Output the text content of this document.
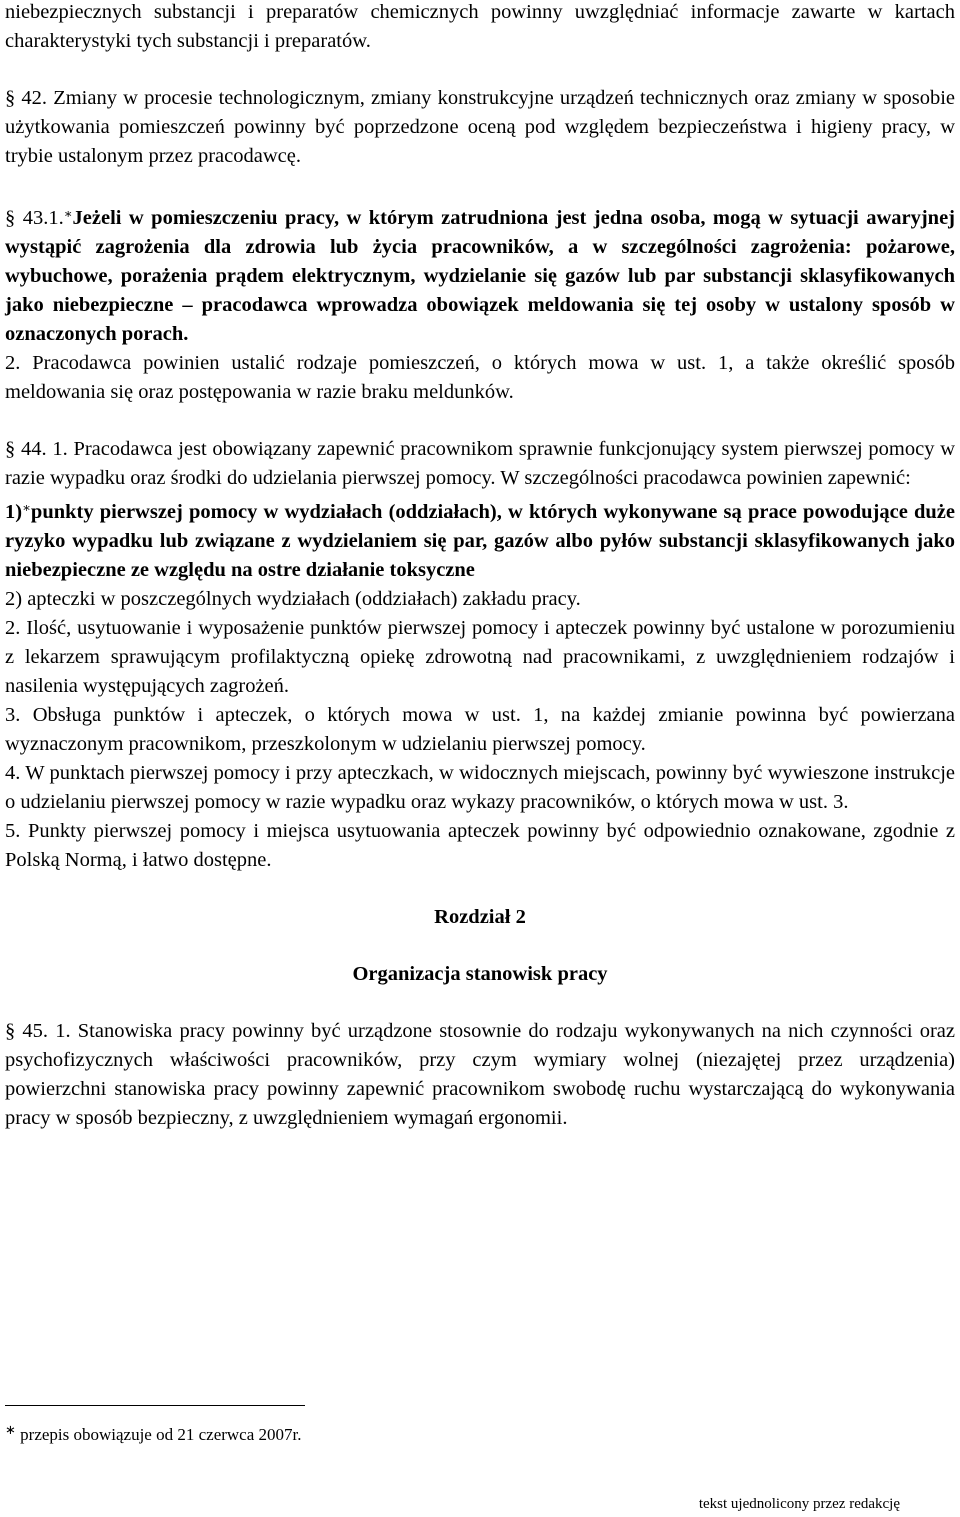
niebezpiecznych substancji i preparatów chemicznych powinny uwzględniać informacje zawarte w kartach charakterystyki tych substancji i preparatów.

§ 42. Zmiany w procesie technologicznym, zmiany konstrukcyjne urządzeń technicznych oraz zmiany w sposobie użytkowania pomieszczeń powinny być poprzedzone oceną pod względem bezpieczeństwa i higieny pracy, w trybie ustalonym przez pracodawcę.

§ 43.1.∗Jeżeli w pomieszczeniu pracy, w którym zatrudniona jest jedna osoba, mogą w sytuacji awaryjnej wystąpić zagrożenia dla zdrowia lub życia pracowników, a w szczególności zagrożenia: pożarowe, wybuchowe, porażenia prądem elektrycznym, wydzielanie się gazów lub par substancji sklasyfikowanych jako niebezpieczne – pracodawca wprowadza obowiązek meldowania się tej osoby w ustalony sposób w oznaczonych porach.

2. Pracodawca powinien ustalić rodzaje pomieszczeń, o których mowa w ust. 1, a także określić sposób meldowania się oraz postępowania w razie braku meldunków.

§ 44. 1. Pracodawca jest obowiązany zapewnić pracownikom sprawnie funkcjonujący system pierwszej pomocy w razie wypadku oraz środki do udzielania pierwszej pomocy. W szczególności pracodawca powinien zapewnić:

1)∗punkty pierwszej pomocy w wydziałach (oddziałach), w których wykonywane są prace powodujące duże ryzyko wypadku lub związane z wydzielaniem się par, gazów albo pyłów substancji sklasyfikowanych jako niebezpieczne ze względu na ostre działanie toksyczne

2) apteczki w poszczególnych wydziałach (oddziałach) zakładu pracy.

2. Ilość, usytuowanie i wyposażenie punktów pierwszej pomocy i apteczek powinny być ustalone w porozumieniu z lekarzem sprawującym profilaktyczną opiekę zdrowotną nad pracownikami, z uwzględnieniem rodzajów i nasilenia występujących zagrożeń.

3. Obsługa punktów i apteczek, o których mowa w ust. 1, na każdej zmianie powinna być powierzana wyznaczonym pracownikom, przeszkolonym w udzielaniu pierwszej pomocy.

4. W punktach pierwszej pomocy i przy apteczkach, w widocznych miejscach, powinny być wywieszone instrukcje o udzielaniu pierwszej pomocy w razie wypadku oraz wykazy pracowników, o których mowa w ust. 3.

5. Punkty pierwszej pomocy i miejsca usytuowania apteczek powinny być odpowiednio oznakowane, zgodnie z Polską Normą, i łatwo dostępne.

Rozdział 2

Organizacja stanowisk pracy

§ 45. 1. Stanowiska pracy powinny być urządzone stosownie do rodzaju wykonywanych na nich czynności oraz psychofizycznych właściwości pracowników, przy czym wymiary wolnej (niezajętej przez urządzenia) powierzchni stanowiska pracy powinny zapewnić pracownikom swobodę ruchu wystarczającą do wykonywania pracy w sposób bezpieczny, z uwzględnieniem wymagań ergonomii.

∗ przepis obowiązuje od 21 czerwca 2007r.
tekst ujednolicony przez redakcję
